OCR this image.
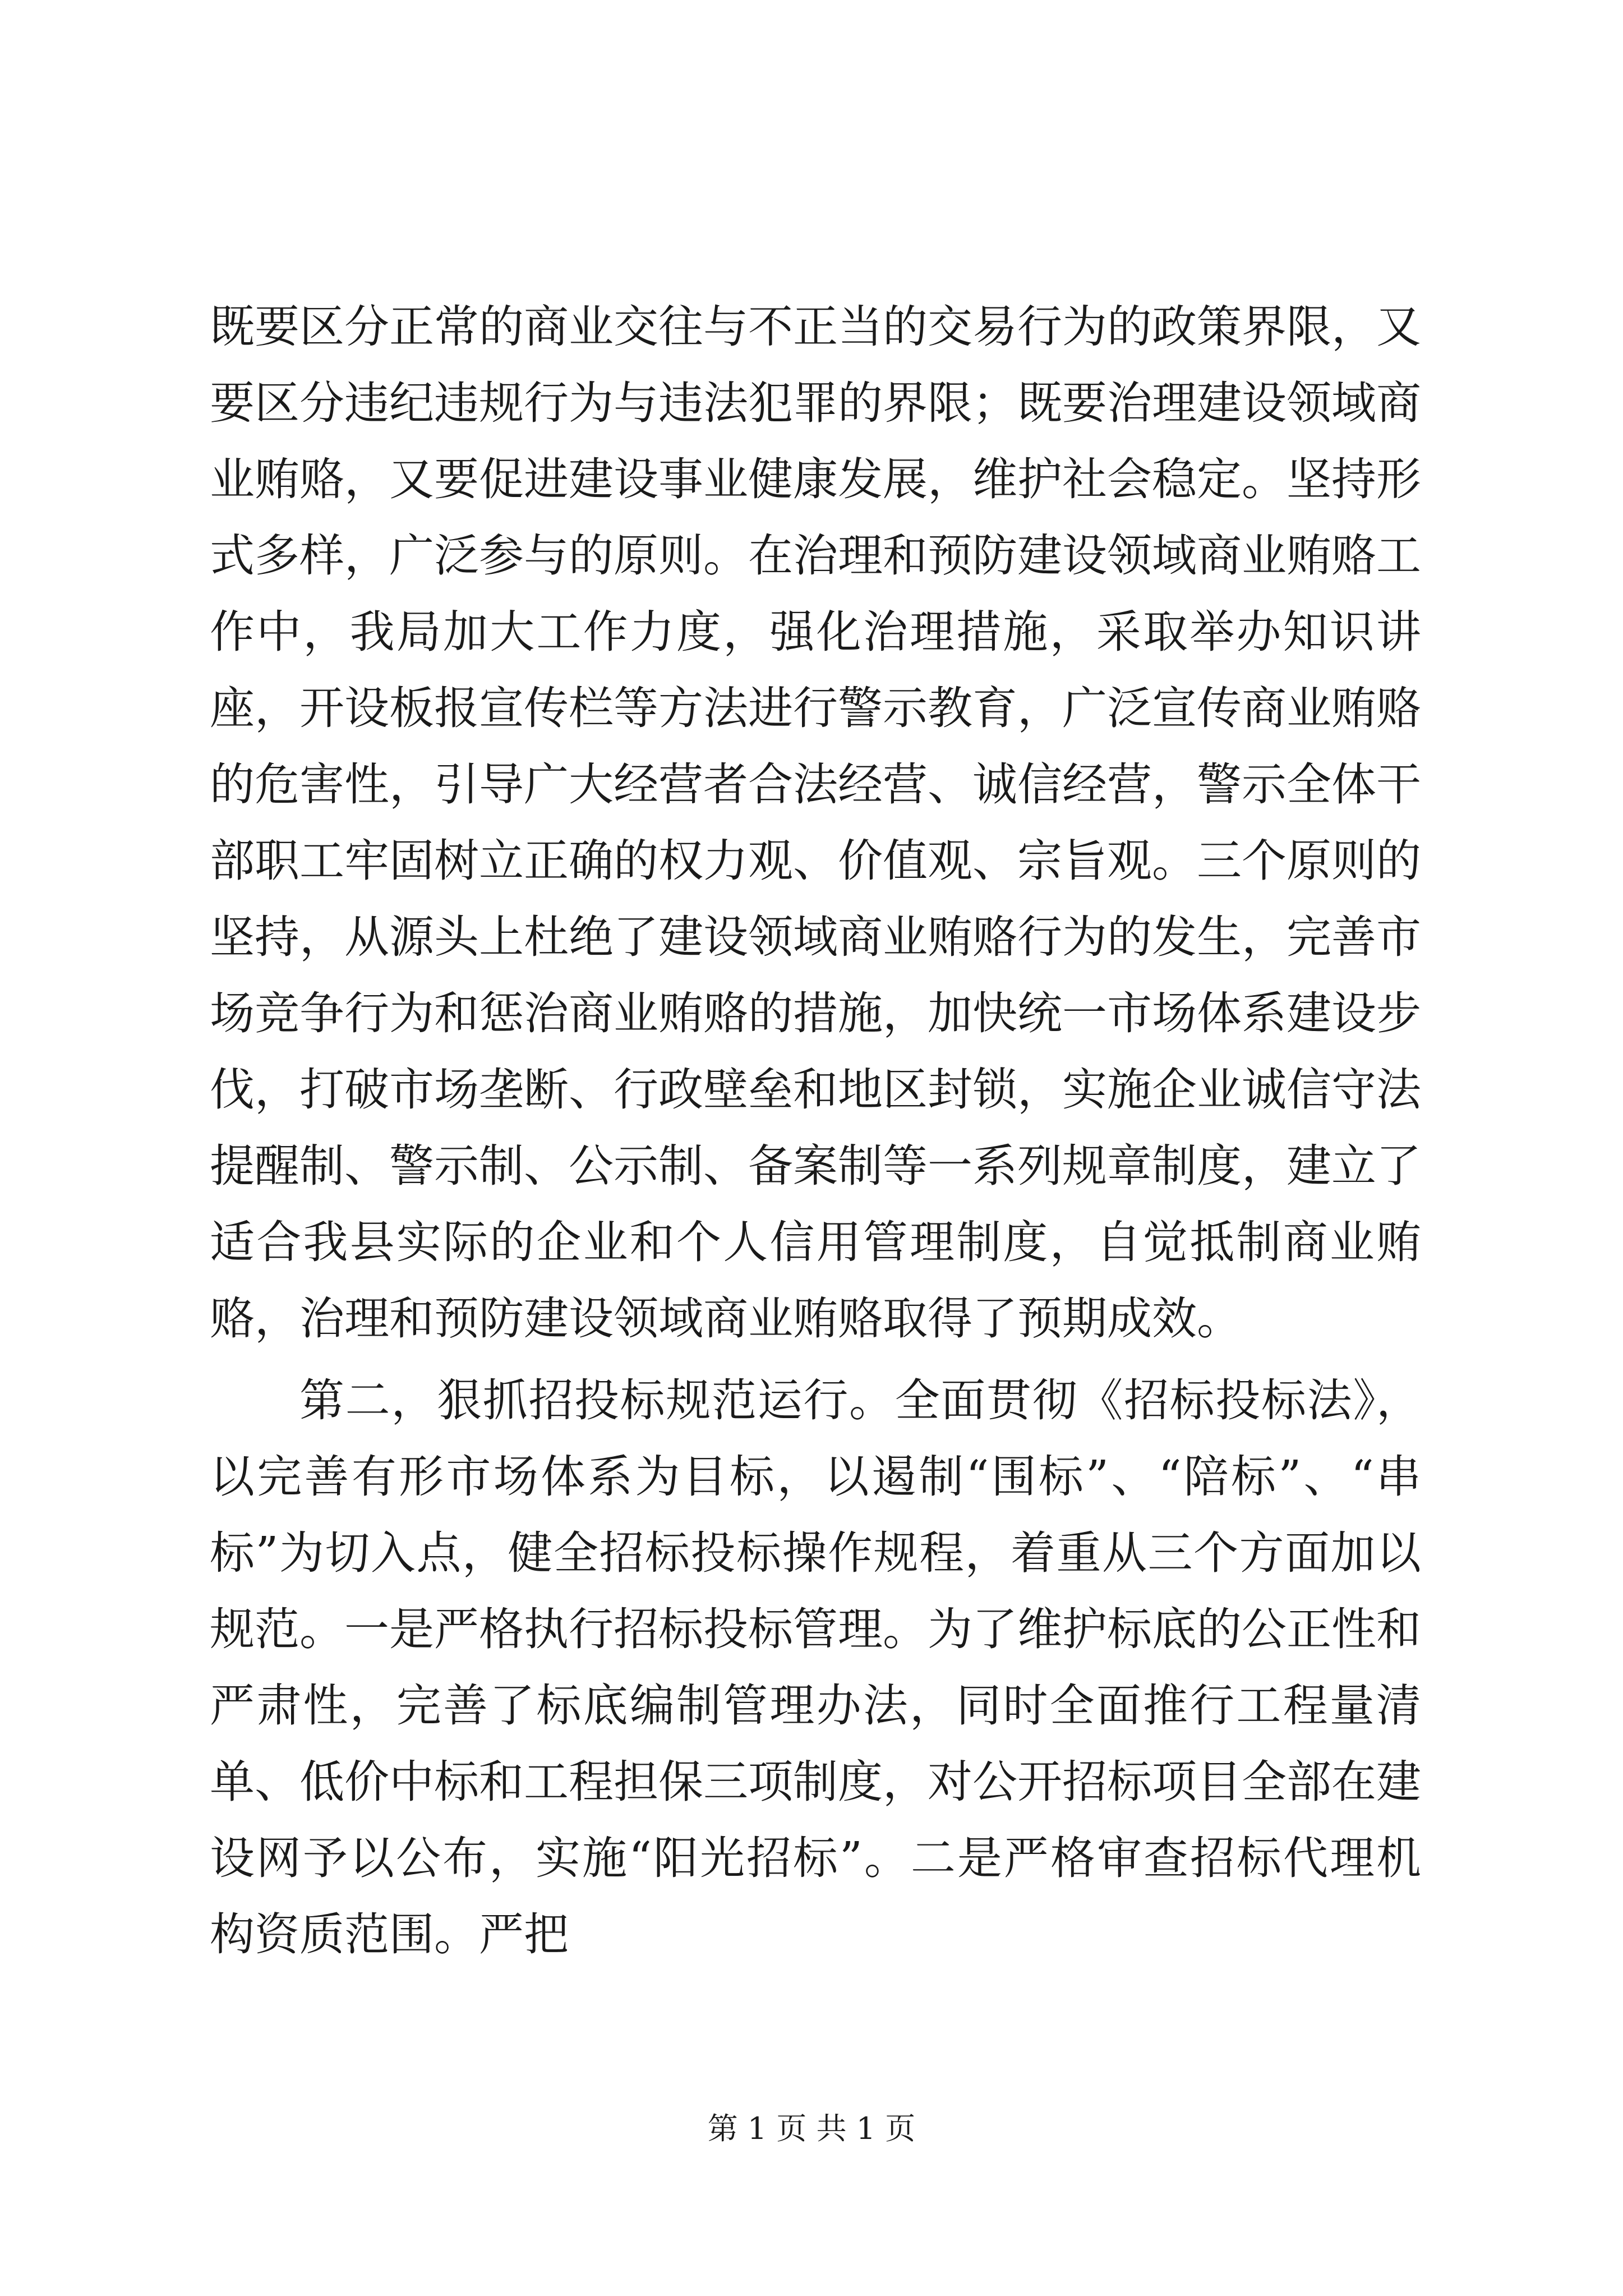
既要区分正常的商业交往与不正当的交易行为的政策界限，又要区分违纪违规行为与违法犯罪的界限；既要治理建设领域商业贿赂，又要促进建设事业健康发展，维护社会稳定。坚持形式多样，广泛参与的原则。在治理和预防建设领域商业贿赂工作中，我局加大工作力度，强化治理措施，采取举办知识讲座，开设板报宣传栏等方法进行警示教育，广泛宣传商业贿赂的危害性，引导广大经营者合法经营、诚信经营，警示全体干部职工牢固树立正确的权力观、价值观、宗旨观。三个原则的坚持，从源头上杜绝了建设领域商业贿赂行为的发生，完善市场竞争行为和惩治商业贿赂的措施，加快统一市场体系建设步伐，打破市场垄断、行政壁垒和地区封锁，实施企业诚信守法提醒制、警示制、公示制、备案制等一系列规章制度，建立了适合我县实际的企业和个人信用管理制度，自觉抵制商业贿赂，治理和预防建设领域商业贿赂取得了预期成效。

第二，狠抓招投标规范运行。全面贯彻《招标投标法》，以完善有形市场体系为目标，以遏制“围标”、“陪标”、“串标”为切入点，健全招标投标操作规程，着重从三个方面加以规范。一是严格执行招标投标管理。为了维护标底的公正性和严肃性，完善了标底编制管理办法，同时全面推行工程量清单、低价中标和工程担保三项制度，对公开招标项目全部在建设网予以公布，实施“阳光招标”。二是严格审查招标代理机构资质范围。严把

第 1 页 共 1 页
